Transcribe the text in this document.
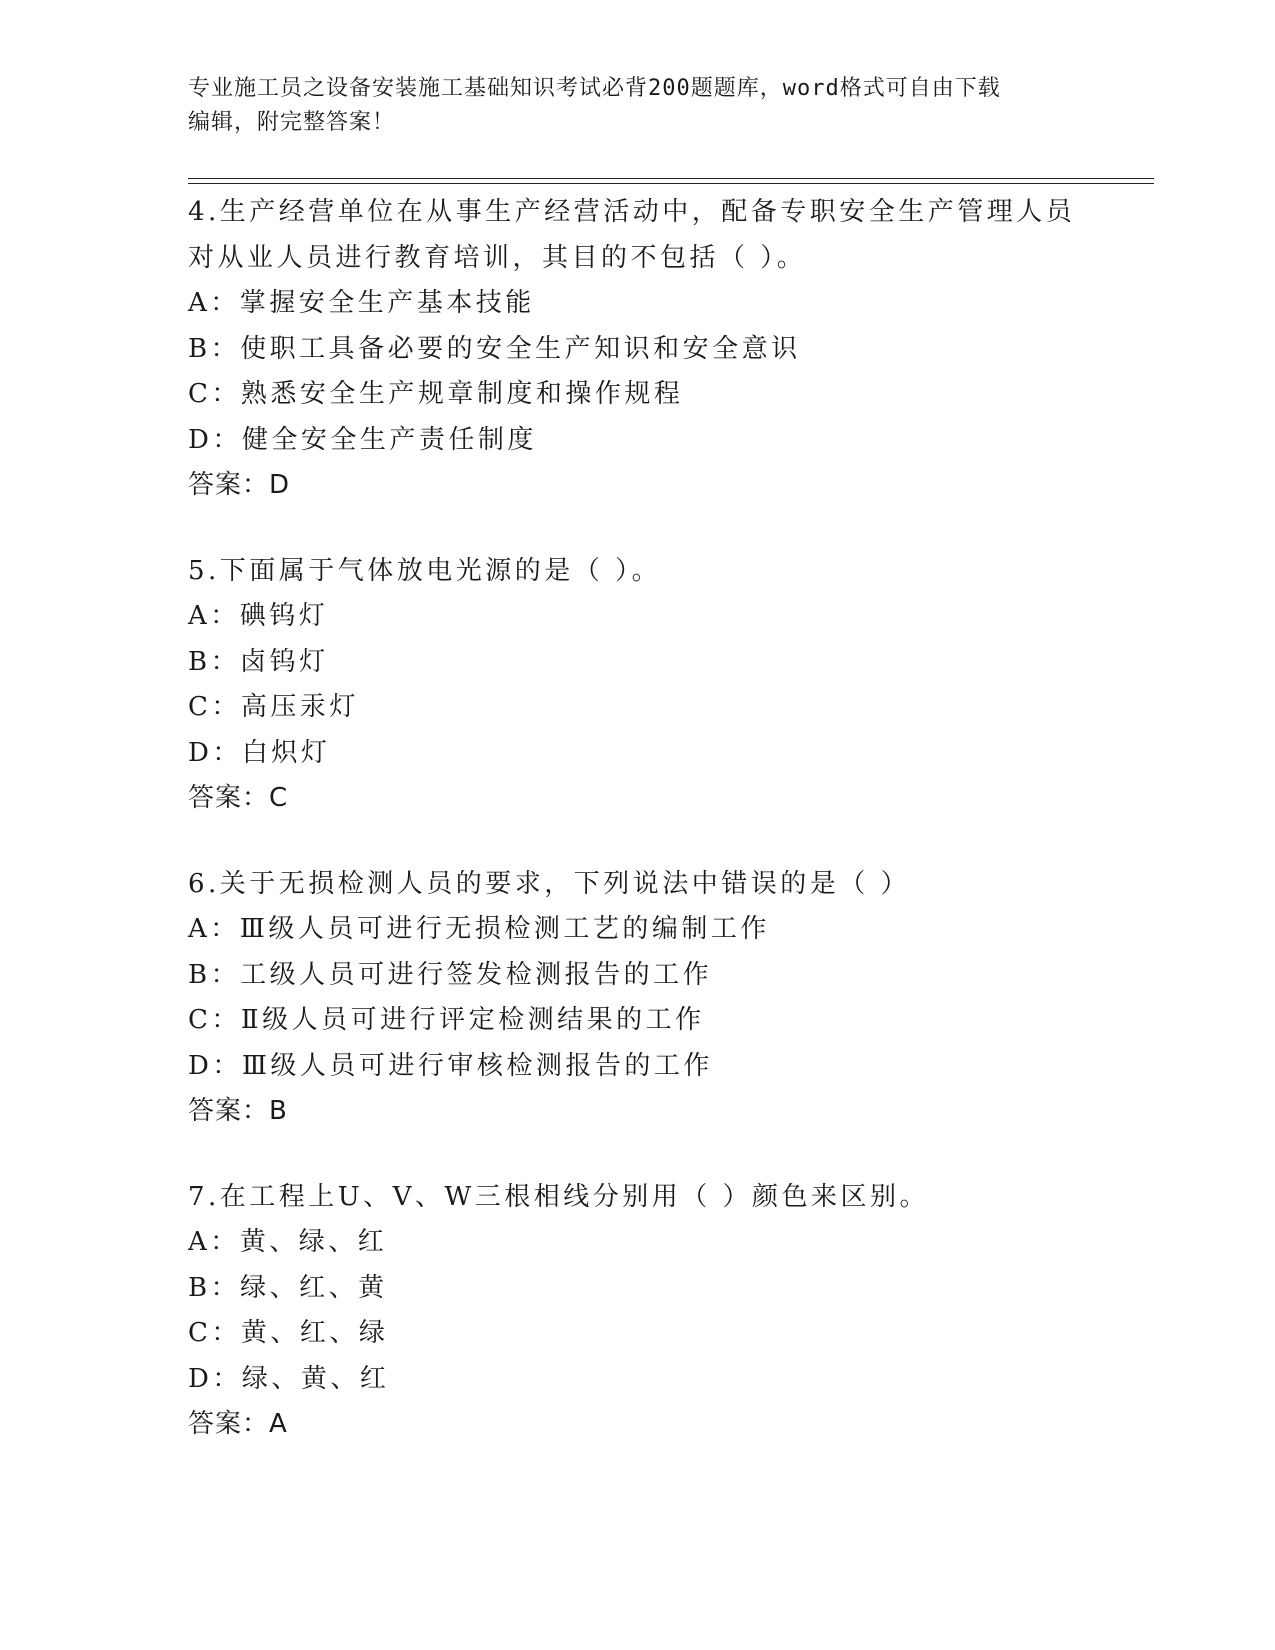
专业施工员之设备安装施工基础知识考试必背200题题库，word格式可自由下载
编辑，附完整答案！
4.生产经营单位在从事生产经营活动中，配备专职安全生产管理人员
对从业人员进行教育培训，其目的不包括（ ）。
A：掌握安全生产基本技能
B：使职工具备必要的安全生产知识和安全意识
C：熟悉安全生产规章制度和操作规程
D：健全安全生产责任制度
答案：D
5.下面属于气体放电光源的是（ ）。
A：碘钨灯
B：卤钨灯
C：高压汞灯
D：白炽灯
答案：C
6.关于无损检测人员的要求，下列说法中错误的是（ ）
A：Ⅲ级人员可进行无损检测工艺的编制工作
B：工级人员可进行签发检测报告的工作
C：Ⅱ级人员可进行评定检测结果的工作
D：Ⅲ级人员可进行审核检测报告的工作
答案：B
7.在工程上U、V、W三根相线分别用（ ）颜色来区别。
A：黄、绿、红
B：绿、红、黄
C：黄、红、绿
D：绿、黄、红
答案：A
